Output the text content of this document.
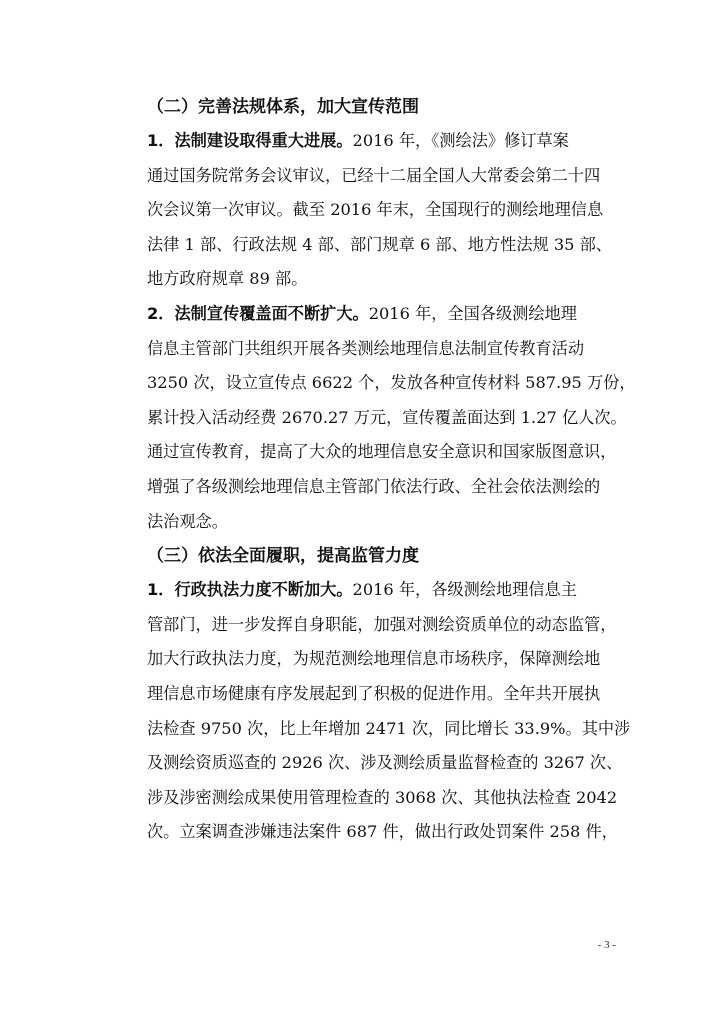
（二）完善法规体系，加大宣传范围
1．法制建设取得重大进展。2016 年，《测绘法》修订草案
通过国务院常务会议审议，已经十二届全国人大常委会第二十四
次会议第一次审议。截至 2016 年末，全国现行的测绘地理信息
法律 1 部、行政法规 4 部、部门规章 6 部、地方性法规 35 部、
地方政府规章 89 部。
2．法制宣传覆盖面不断扩大。2016 年，全国各级测绘地理
信息主管部门共组织开展各类测绘地理信息法制宣传教育活动
3250 次，设立宣传点 6622 个，发放各种宣传材料 587.95 万份，
累计投入活动经费 2670.27 万元，宣传覆盖面达到 1.27 亿人次。
通过宣传教育，提高了大众的地理信息安全意识和国家版图意识，
增强了各级测绘地理信息主管部门依法行政、全社会依法测绘的
法治观念。
（三）依法全面履职，提高监管力度
1．行政执法力度不断加大。2016 年，各级测绘地理信息主
管部门，进一步发挥自身职能，加强对测绘资质单位的动态监管，
加大行政执法力度，为规范测绘地理信息市场秩序，保障测绘地
理信息市场健康有序发展起到了积极的促进作用。全年共开展执
法检查 9750 次，比上年增加 2471 次，同比增长 33.9%。其中涉
及测绘资质巡查的 2926 次、涉及测绘质量监督检查的 3267 次、
涉及涉密测绘成果使用管理检查的 3068 次、其他执法检查 2042
次。立案调查涉嫌违法案件 687 件，做出行政处罚案件 258 件，
- 3 -
